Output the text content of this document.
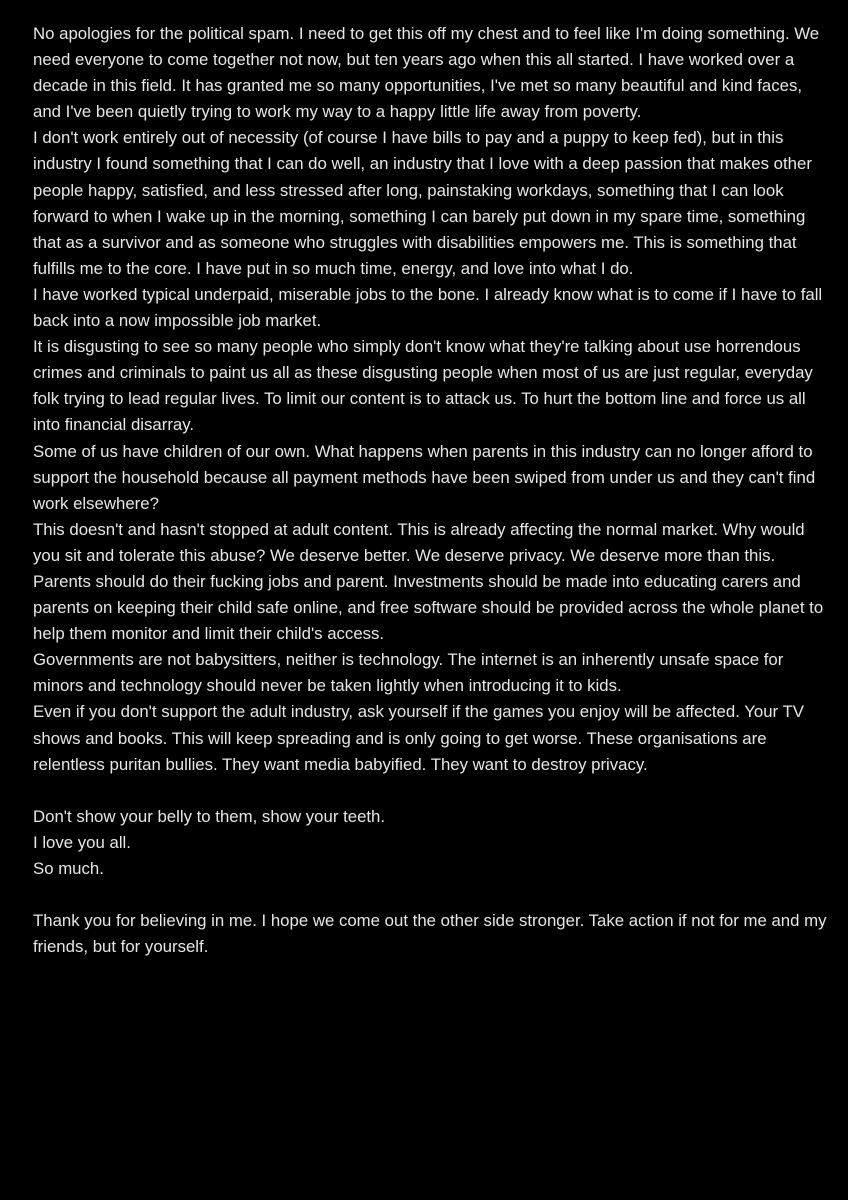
No apologies for the political spam. I need to get this off my chest and to feel like I'm doing something. We need everyone to come together not now, but ten years ago when this all started. I have worked over a decade in this field. It has granted me so many opportunities, I've met so many beautiful and kind faces, and I've been quietly trying to work my way to a happy little life away from poverty.

I don't work entirely out of necessity (of course I have bills to pay and a puppy to keep fed), but in this industry I found something that I can do well, an industry that I love with a deep passion that makes other people happy, satisfied, and less stressed after long, painstaking workdays, something that I can look forward to when I wake up in the morning, something I can barely put down in my spare time, something that as a survivor and as someone who struggles with disabilities empowers me. This is something that fulfills me to the core. I have put in so much time, energy, and love into what I do.

I have worked typical underpaid, miserable jobs to the bone. I already know what is to come if I have to fall back into a now impossible job market.

It is disgusting to see so many people who simply don't know what they're talking about use horrendous crimes and criminals to paint us all as these disgusting people when most of us are just regular, everyday folk trying to lead regular lives. To limit our content is to attack us. To hurt the bottom line and force us all into financial disarray.

Some of us have children of our own. What happens when parents in this industry can no longer afford to support the household because all payment methods have been swiped from under us and they can't find work elsewhere?

This doesn't and hasn't stopped at adult content. This is already affecting the normal market. Why would you sit and tolerate this abuse? We deserve better. We deserve privacy. We deserve more than this. Parents should do their fucking jobs and parent. Investments should be made into educating carers and parents on keeping their child safe online, and free software should be provided across the whole planet to help them monitor and limit their child's access.

Governments are not babysitters, neither is technology. The internet is an inherently unsafe space for minors and technology should never be taken lightly when introducing it to kids.

Even if you don't support the adult industry, ask yourself if the games you enjoy will be affected. Your TV shows and books. This will keep spreading and is only going to get worse. These organisations are relentless puritan bullies. They want media babyified. They want to destroy privacy.

Don't show your belly to them, show your teeth.

I love you all.

So much.

Thank you for believing in me. I hope we come out the other side stronger. Take action if not for me and my friends, but for yourself.
